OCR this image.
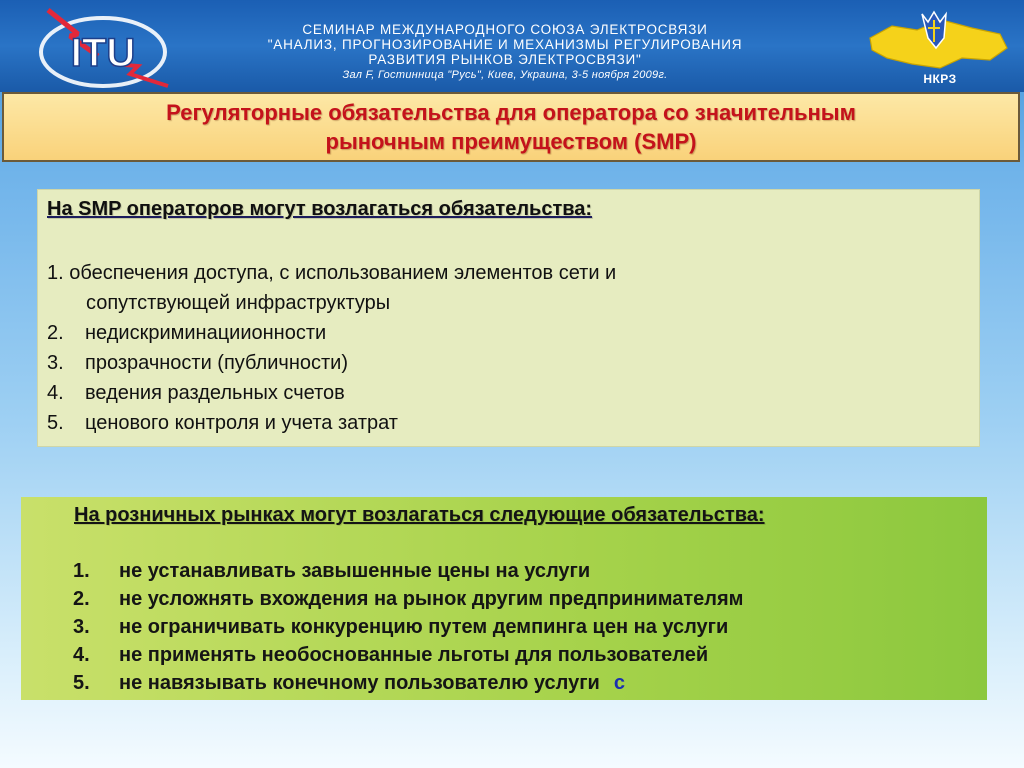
ITU
СЕМИНАР МЕЖДУНАРОДНОГО СОЮЗА ЭЛЕКТРОСВЯЗИ
"АНАЛИЗ, ПРОГНОЗИРОВАНИЕ И МЕХАНИЗМЫ РЕГУЛИРОВАНИЯ
РАЗВИТИЯ РЫНКОВ ЭЛЕКТРОСВЯЗИ"
Зал F, Гостинница "Русь", Киев, Украина, 3-5 ноября 2009г.	НКРЗ
Регуляторные обязательства для оператора со значительным
рыночным преимуществом (SMP)
На SMP операторов могут возлагаться обязательства:
1. обеспечения доступа, с использованием элементов сети и
сопутствующей инфраструктуры
2. недискриминациионности
3. прозрачности (публичности)
4. ведения раздельных счетов
5. ценового контроля и учета затрат
На розничных рынках могут возлагаться следующие обязательства:
1. не устанавливать завышенные цены на услуги
2. не усложнять вхождения на рынок другим предпринимателям
3. не ограничивать конкуренцию путем демпинга цен на услуги
4. не применять необоснованные льготы для пользователей
5. не навязывать конечному пользователю услуги с
